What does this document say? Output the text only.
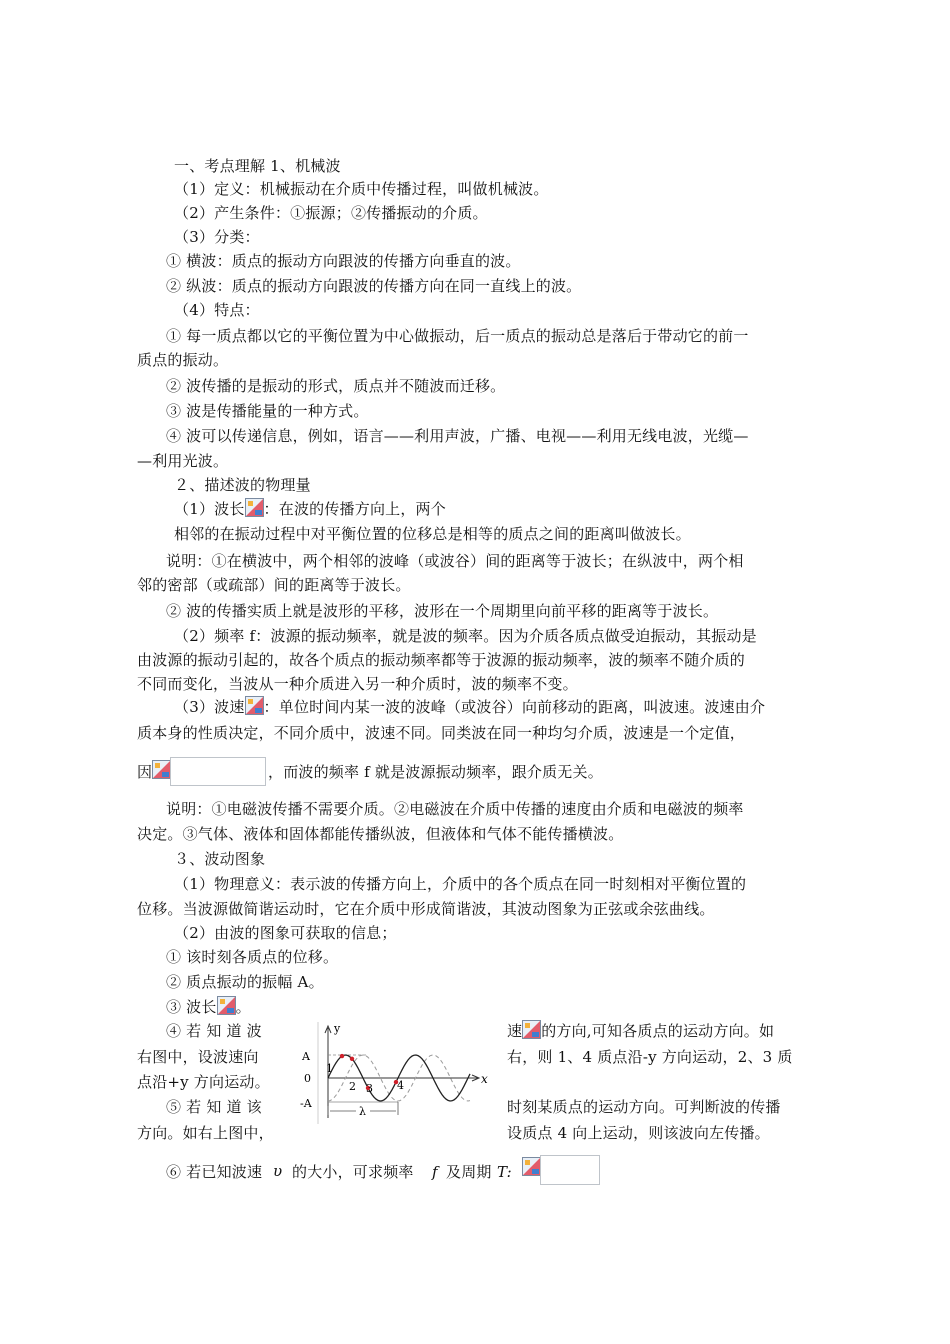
一、考点理解 1、机械波
（1）定义：机械振动在介质中传播过程，叫做机械波。
（2）产生条件：①振源；②传播振动的介质。
（3）分类：
① 横波：质点的振动方向跟波的传播方向垂直的波。
② 纵波：质点的振动方向跟波的传播方向在同一直线上的波。
（4）特点：
① 每一质点都以它的平衡位置为中心做振动，后一质点的振动总是落后于带动它的前一
质点的振动。
② 波传播的是振动的形式，质点并不随波而迁移。
③ 波是传播能量的一种方式。
④ 波可以传递信息，例如，语言——利用声波，广播、电视——利用无线电波，光缆—
—利用光波。
２、描述波的物理量
（1）波长 ：在波的传播方向上，两个
相邻的在振动过程中对平衡位置的位移总是相等的质点之间的距离叫做波长。
说明：①在横波中，两个相邻的波峰（或波谷）间的距离等于波长；在纵波中，两个相
邻的密部（或疏部）间的距离等于波长。
② 波的传播实质上就是波形的平移，波形在一个周期里向前平移的距离等于波长。
（2）频率 f：波源的振动频率，就是波的频率。因为介质各质点做受迫振动，其振动是
由波源的振动引起的，故各个质点的振动频率都等于波源的振动频率，波的频率不随介质的
不同而变化，当波从一种介质进入另一种介质时，波的频率不变。
（3）波速 ：单位时间内某一波的波峰（或波谷）向前移动的距离，叫波速。波速由介
质本身的性质决定，不同介质中，波速不同。同类波在同一种均匀介质，波速是一个定值，
因	，而波的频率 f 就是波源振动频率，跟介质无关。
说明：①电磁波传播不需要介质。②电磁波在介质中传播的速度由介质和电磁波的频率
决定。③气体、液体和固体都能传播纵波，但液体和气体不能传播横波。
３、波动图象
（1）物理意义：表示波的传播方向上，介质中的各个质点在同一时刻相对平衡位置的
位移。当波源做简谐运动时，它在介质中形成简谐波，其波动图象为正弦或余弦曲线。
（2）由波的图象可获取的信息；
① 该时刻各质点的位移。
② 质点振动的振幅 A。
③ 波长 。
④ 若 知 道 波	速 的方向,可知各质点的运动方向。如
右图中，设波速向	右，则 1、4 质点沿-y 方向运动，2、3 质
点沿+y 方向运动。
⑤ 若 知 道 该	时刻某质点的运动方向。可判断波的传播
方向。如右上图中，	设质点 4 向上运动，则该波向左传播。
y
x
A
0
-A
λ
1
2 3 4
⑥ 若已知波速 υ 的大小，可求频率 f 及周期 T:
